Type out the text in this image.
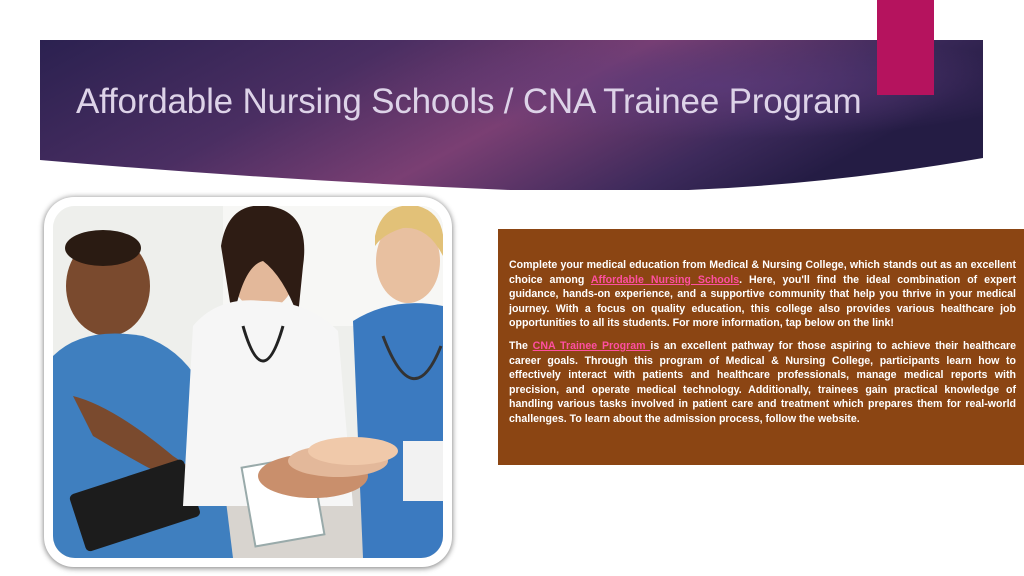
Affordable Nursing Schools / CNA Trainee Program

Complete your medical education from Medical & Nursing College, which stands out as an excellent choice among Affordable Nursing Schools. Here, you'll find the ideal combination of expert guidance, hands-on experience, and a supportive community that help you thrive in your medical journey. With a focus on quality education, this college also provides various healthcare job opportunities to all its students. For more information, tap below on the link!

The CNA Trainee Program is an excellent pathway for those aspiring to achieve their healthcare career goals. Through this program of Medical & Nursing College, participants learn how to effectively interact with patients and healthcare professionals, manage medical reports with precision, and operate medical technology. Additionally, trainees gain practical knowledge of handling various tasks involved in patient care and treatment which prepares them for real-world challenges. To learn about the admission process, follow the website.
